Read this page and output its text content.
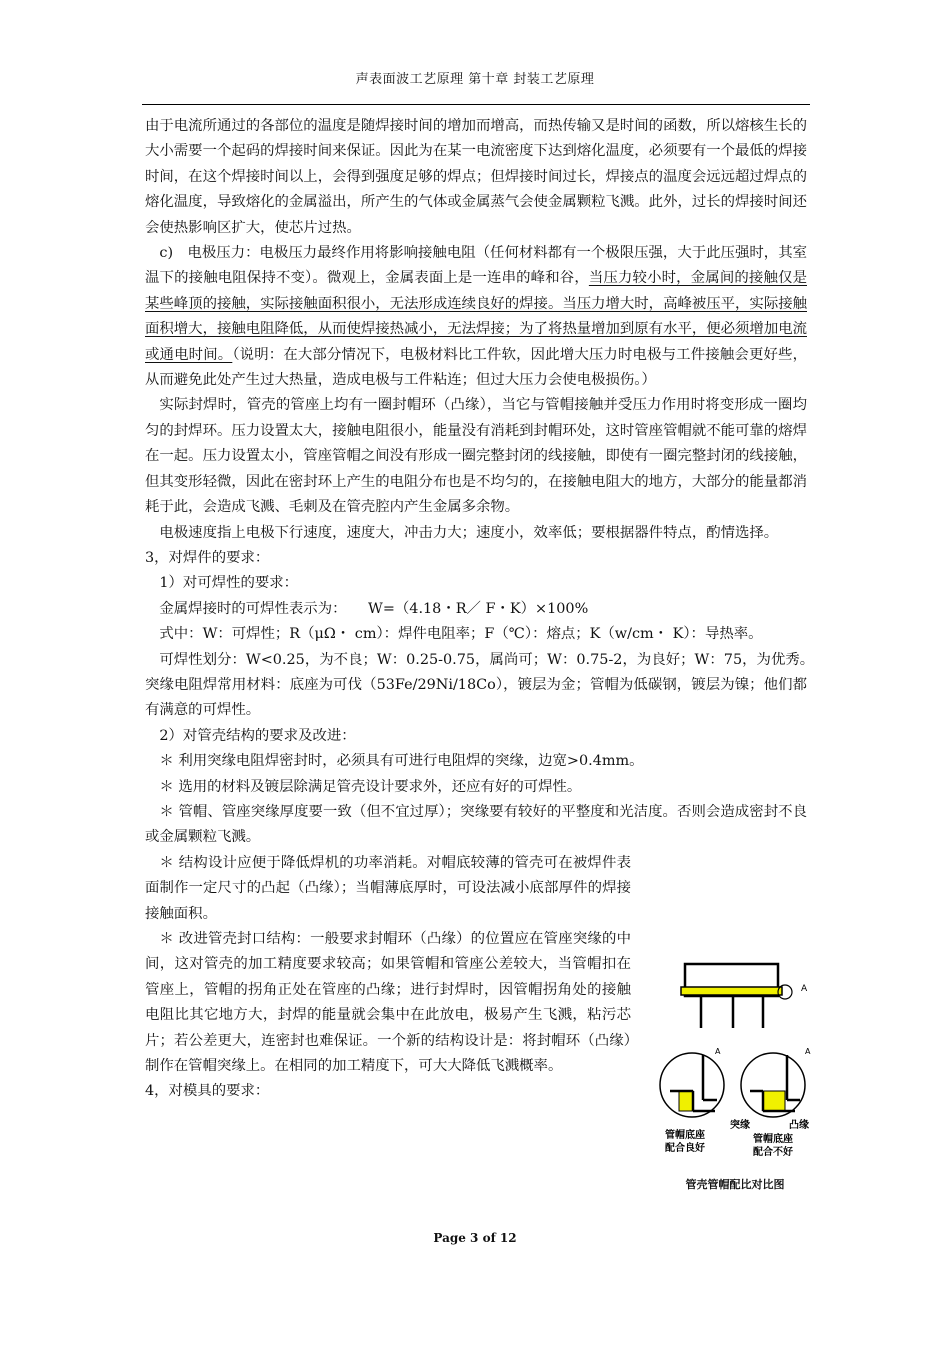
声表面波工艺原理 第十章 封装工艺原理

由于电流所通过的各部位的温度是随焊接时间的增加而增高，而热传输又是时间的函数，所以熔核生长的大小需要一个起码的焊接时间来保证。因此为在某一电流密度下达到熔化温度，必须要有一个最低的焊接时间，在这个焊接时间以上，会得到强度足够的焊点；但焊接时间过长，焊接点的温度会远远超过焊点的熔化温度，导致熔化的金属溢出，所产生的气体或金属蒸气会使金属颗粒飞溅。此外，过长的焊接时间还会使热影响区扩大，使芯片过热。

c)　电极压力：电极压力最终作用将影响接触电阻（任何材料都有一个极限压强，大于此压强时，其室温下的接触电阻保持不变）。微观上，金属表面上是一连串的峰和谷，当压力较小时，金属间的接触仅是某些峰顶的接触，实际接触面积很小，无法形成连续良好的焊接。当压力增大时，高峰被压平，实际接触面积增大，接触电阻降低，从而使焊接热减小，无法焊接；为了将热量增加到原有水平，便必须增加电流或通电时间。（说明：在大部分情况下，电极材料比工件软，因此增大压力时电极与工件接触会更好些，从而避免此处产生过大热量，造成电极与工件粘连；但过大压力会使电极损伤。）

实际封焊时，管壳的管座上均有一圈封帽环（凸缘），当它与管帽接触并受压力作用时将变形成一圈均匀的封焊环。压力设置太大，接触电阻很小，能量没有消耗到封帽环处，这时管座管帽就不能可靠的熔焊在一起。压力设置太小，管座管帽之间没有形成一圈完整封闭的线接触，即使有一圈完整封闭的线接触，但其变形轻微，因此在密封环上产生的电阻分布也是不均匀的，在接触电阻大的地方，大部分的能量都消耗于此，会造成飞溅、毛刺及在管壳腔内产生金属多余物。

电极速度指上电极下行速度，速度大，冲击力大；速度小，效率低；要根据器件特点，酌情选择。

3，对焊件的要求：

1）对可焊性的要求：

金属焊接时的可焊性表示为：　　W=（4.18・R／ F・K）×100%

式中：W：可焊性；R（μΩ・ cm）：焊件电阻率；F（℃）：熔点；K（w/cm・ K）：导热率。

可焊性划分：W<0.25，为不良；W：0.25-0.75，属尚可；W：0.75-2，为良好；W：75，为优秀。　突缘电阻焊常用材料：底座为可伐（53Fe/29Ni/18Co），镀层为金；管帽为低碳钢，镀层为镍；他们都有满意的可焊性。

2）对管壳结构的要求及改进：

＊ 利用突缘电阻焊密封时，必须具有可进行电阻焊的突缘，边宽>0.4mm。

＊ 选用的材料及镀层除满足管壳设计要求外，还应有好的可焊性。

＊ 管帽、管座突缘厚度要一致（但不宜过厚）；突缘要有较好的平整度和光洁度。否则会造成密封不良或金属颗粒飞溅。

＊ 结构设计应便于降低焊机的功率消耗。对帽底较薄的管壳可在被焊件表面制作一定尺寸的凸起（凸缘）；当帽薄底厚时，可设法减小底部厚件的焊接接触面积。

＊ 改进管壳封口结构：一般要求封帽环（凸缘）的位置应在管座突缘的中间，这对管壳的加工精度要求较高；如果管帽和管座公差较大，当管帽扣在管座上，管帽的拐角正处在管座的凸缘；进行封焊时，因管帽拐角处的接触电阻比其它地方大，封焊的能量就会集中在此放电，极易产生飞溅，粘污芯片；若公差更大，连密封也难保证。一个新的结构设计是：将封帽环（凸缘）制作在管帽突缘上。在相同的加工精度下，可大大降低飞溅概率。

4，对模具的要求：

A
A
管帽底座
配合良好
A
突缘	凸缘
管帽底座
配合不好
管壳管帽配比对比图
Page 3 of 12
